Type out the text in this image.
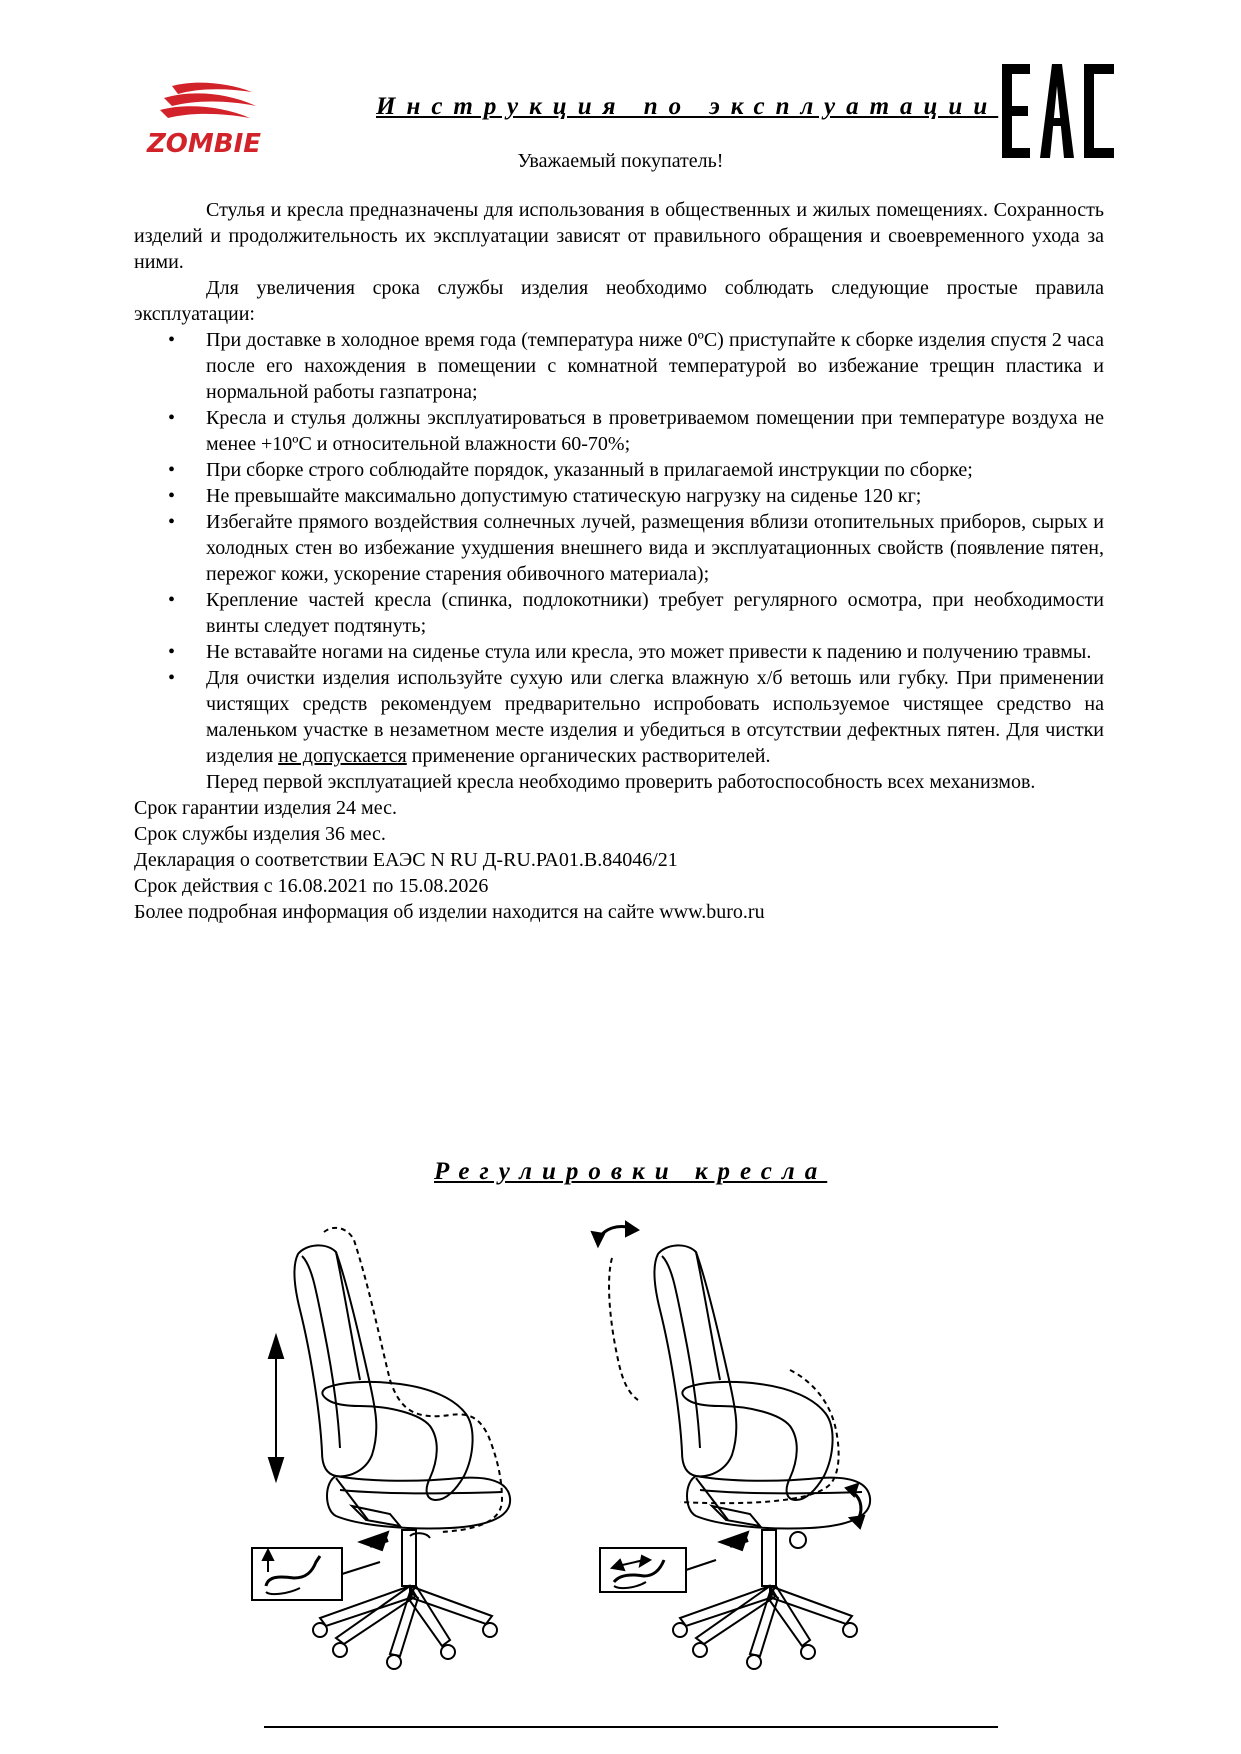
ZOMBIE
Инструкция по эксплуатации
Уважаемый покупатель!

Стулья и кресла предназначены для использования в общественных и жилых помещениях. Сохранность изделий и продолжительность их эксплуатации зависят от правильного обращения и своевременного ухода за ними.

Для увеличения срока службы изделия необходимо соблюдать следующие простые правила эксплуатации:

• При доставке в холодное время года (температура ниже 0ºС) приступайте к сборке изделия спустя 2 часа после его нахождения в помещении с комнатной температурой во избежание трещин пластика и нормальной работы газпатрона;
• Кресла и стулья должны эксплуатироваться в проветриваемом помещении при температуре воздуха не менее +10ºС и относительной влажности 60-70%;
• При сборке строго соблюдайте порядок, указанный в прилагаемой инструкции по сборке;
• Не превышайте максимально допустимую статическую нагрузку на сиденье 120 кг;
• Избегайте прямого воздействия солнечных лучей, размещения вблизи отопительных приборов, сырых и холодных стен во избежание ухудшения внешнего вида и эксплуатационных свойств (появление пятен, пережог кожи, ускорение старения обивочного материала);
• Крепление частей кресла (спинка, подлокотники) требует регулярного осмотра, при необходимости винты следует подтянуть;
• Не вставайте ногами на сиденье стула или кресла, это может привести к падению и получению травмы.
• Для очистки изделия используйте сухую или слегка влажную х/б ветошь или губку. При применении чистящих средств рекомендуем предварительно испробовать используемое чистящее средство на маленьком участке в незаметном месте изделия и убедиться в отсутствии дефектных пятен. Для чистки изделия не допускается применение органических растворителей.

Перед первой эксплуатацией кресла необходимо проверить работоспособность всех механизмов.

Срок гарантии изделия 24 мес.
Срок службы изделия 36 мес.
Декларация о соответствии ЕАЭС N RU Д-RU.РА01.В.84046/21
Срок действия с 16.08.2021 по 15.08.2026
Более подробная информация об изделии находится на сайте www.buro.ru
Регулировки кресла
